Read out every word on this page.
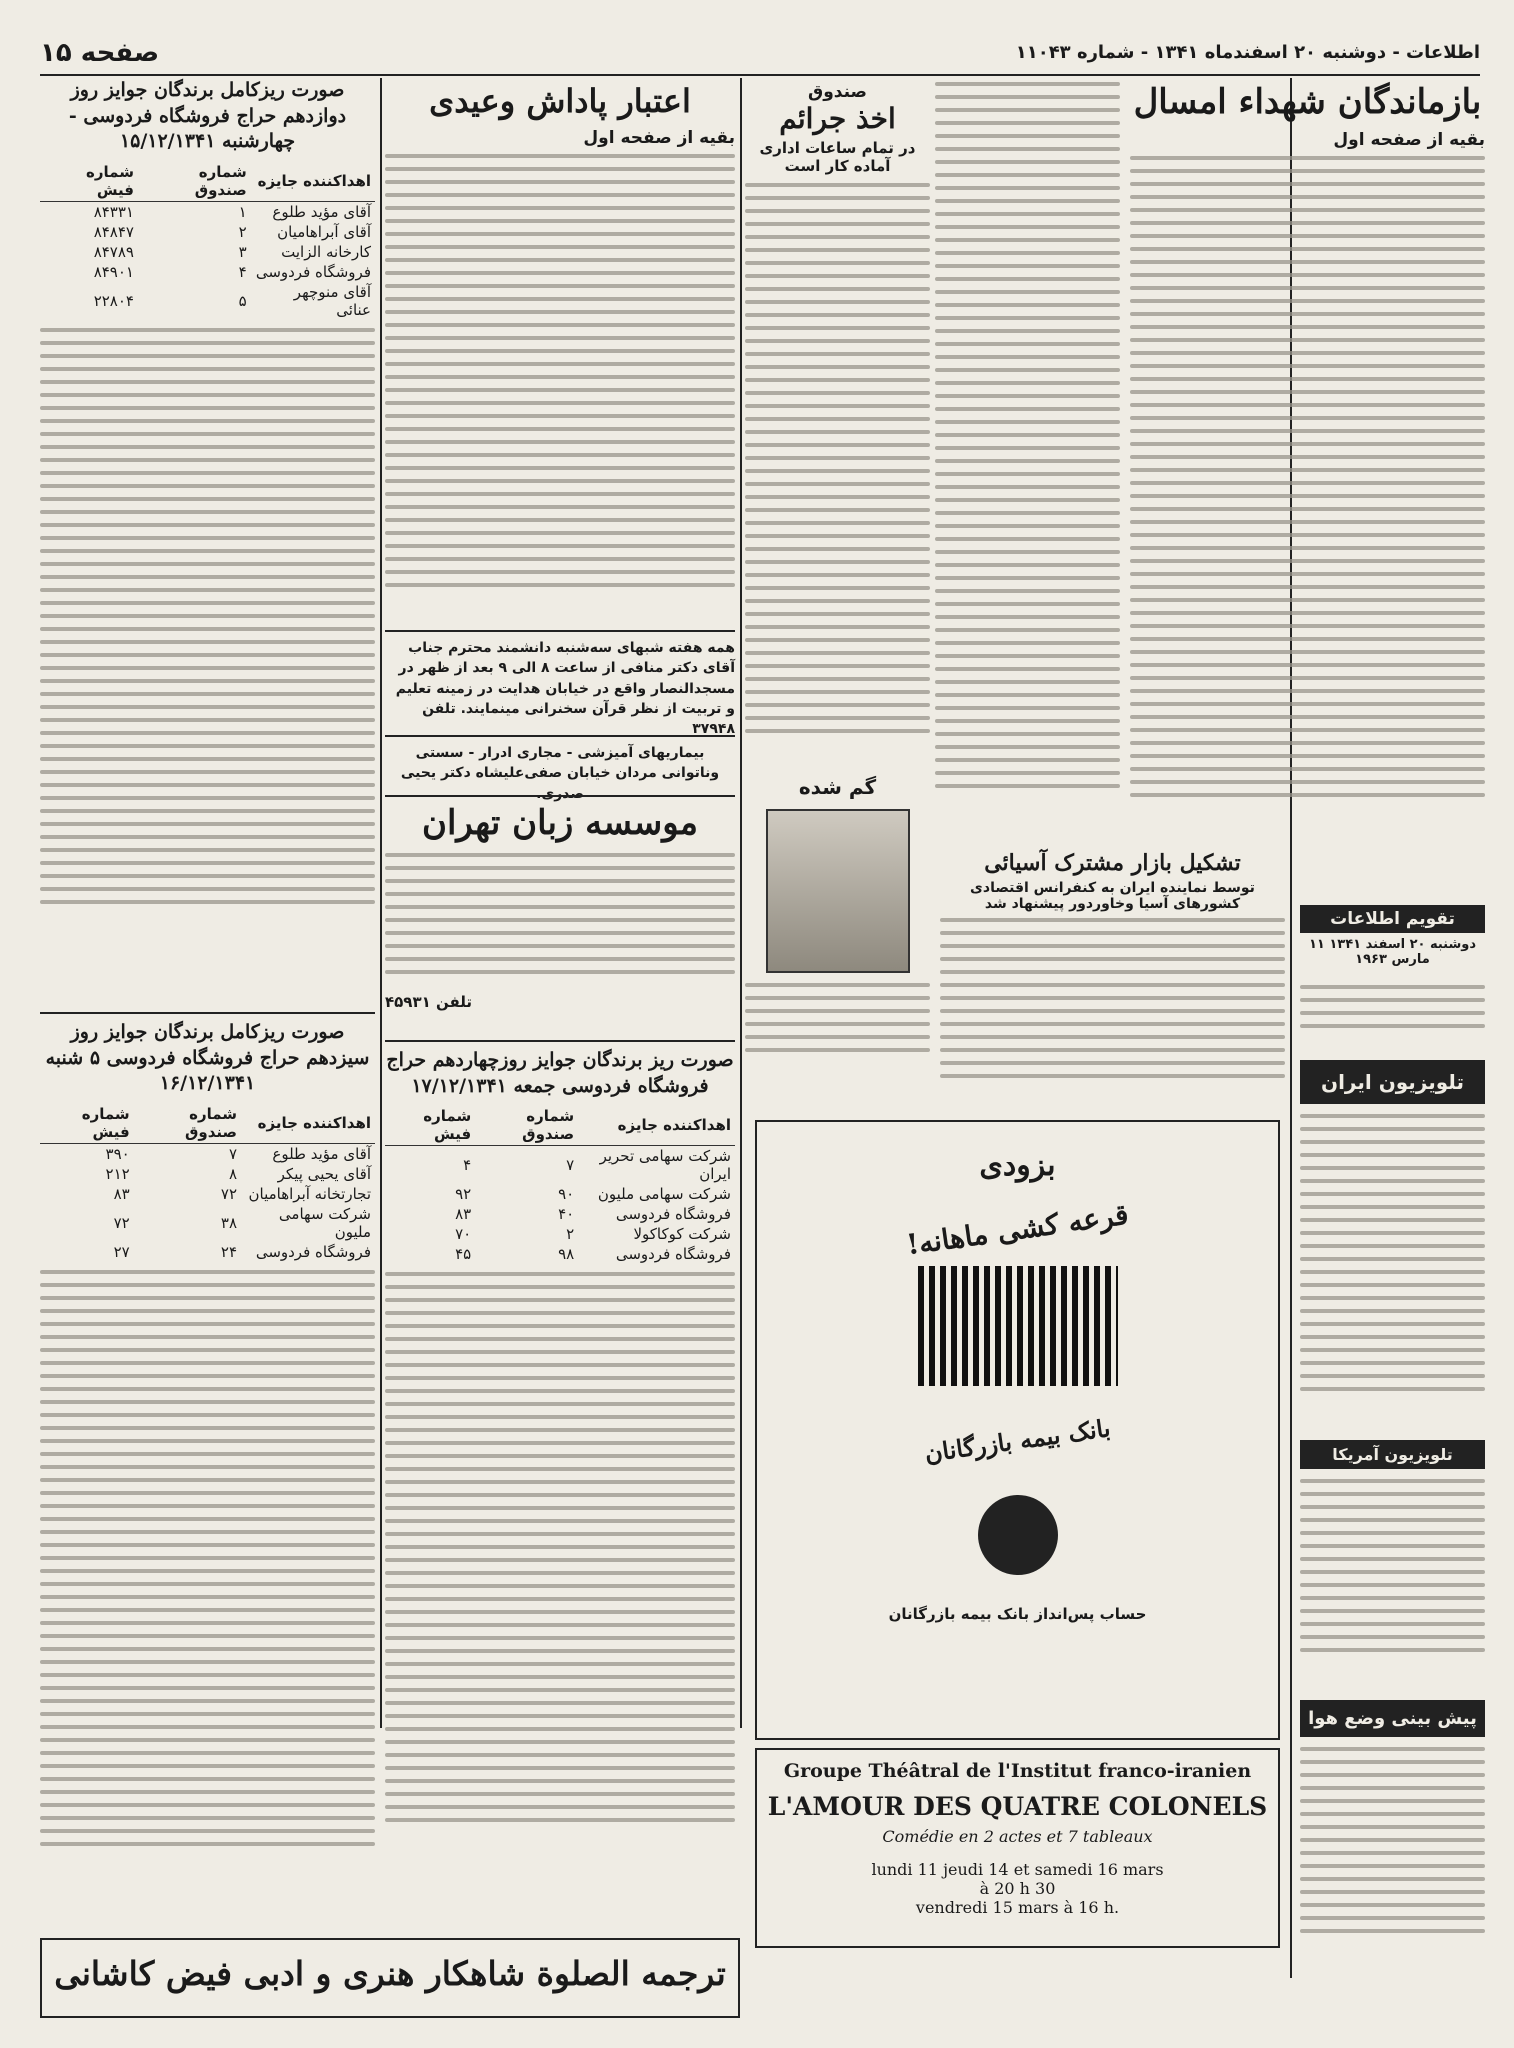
اطلاعات - دوشنبه ۲۰ اسفندماه ۱۳۴۱ - شماره ۱۱۰۴۳
صفحه ۱۵
بازماندگان شهداء امسال
بقیه از صفحه اول
صندوق
اخذ جرائم
در تمام ساعات اداری آماده کار است
گم شده
تشکیل بازار مشترک آسیائی
توسط نماینده ایران به کنفرانس اقتصادی کشورهای آسیا وخاوردور پیشنهاد شد
اعتبار پاداش وعیدی
بقیه از صفحه اول
همه هفته شبهای سه‌شنبه دانشمند محترم جناب آقای دکتر منافی از ساعت ۸ الی ۹ بعد از ظهر در مسجدالنصار واقع در خیابان هدایت در زمینه تعلیم و تربیت از نظر قرآن سخنرانی مینمایند. تلفن ۳۷۹۴۸
بیماریهای آمیزشی - مجاری ادرار - سستی وناتوانی مردان خیابان صفی‌علیشاه دکتر یحیی صدری.
موسسه زبان تهران
تلفن ۴۵۹۳۱
صورت ریزکامل برندگان جوایز روز دوازدهم حراج فروشگاه فردوسی - چهارشنبه ۱۵/۱۲/۱۳۴۱
اهداکننده جایزه	شماره صندوق	شماره فیش
آقای مؤید طلوع	۱	۸۴۳۳۱
آقای آبراهامیان	۲	۸۴۸۴۷
کارخانه الزایت	۳	۸۴۷۸۹
فروشگاه فردوسی	۴	۸۴۹۰۱
آقای منوچهر عنائی	۵	۲۲۸۰۴
صورت ریزکامل برندگان جوایز روز سیزدهم حراج فروشگاه فردوسی ۵ شنبه ۱۶/۱۲/۱۳۴۱
اهداکننده جایزه	شماره صندوق	شماره فیش
آقای مؤید طلوع	۷	۳۹۰
آقای یحیی پیکر	۸	۲۱۲
تجارتخانه آبراهامیان	۷۲	۸۳
شرکت سهامی ملیون	۳۸	۷۲
فروشگاه فردوسی	۲۴	۲۷
صورت ریز برندگان جوایز روزچهاردهم حراج فروشگاه فردوسی جمعه ۱۷/۱۲/۱۳۴۱
اهداکننده جایزه	شماره صندوق	شماره فیش
شرکت سهامی تحریر ایران	۷	۴
شرکت سهامی ملیون	۹۰	۹۲
فروشگاه فردوسی	۴۰	۸۳
شرکت کوکاکولا	۲	۷۰
فروشگاه فردوسی	۹۸	۴۵
بزودی
قرعه کشی ماهانه!
بانک بیمه بازرگانان
حساب پس‌انداز بانک بیمه بازرگانان
Groupe Théâtral de l'Institut franco-iranien
L'AMOUR DES QUATRE COLONELS
Comédie en 2 actes et 7 tableaux
lundi 11 jeudi 14 et samedi 16 mars
à 20 h 30
vendredi 15 mars à 16 h.
تقویم اطلاعات
دوشنبه ۲۰ اسفند ۱۳۴۱ ۱۱ مارس ۱۹۶۳
تلویزیون ایران
تلویزیون آمریکا
پیش بینی وضع هوا
ترجمه الصلوة شاهکار هنری و ادبی فیض کاشانی
